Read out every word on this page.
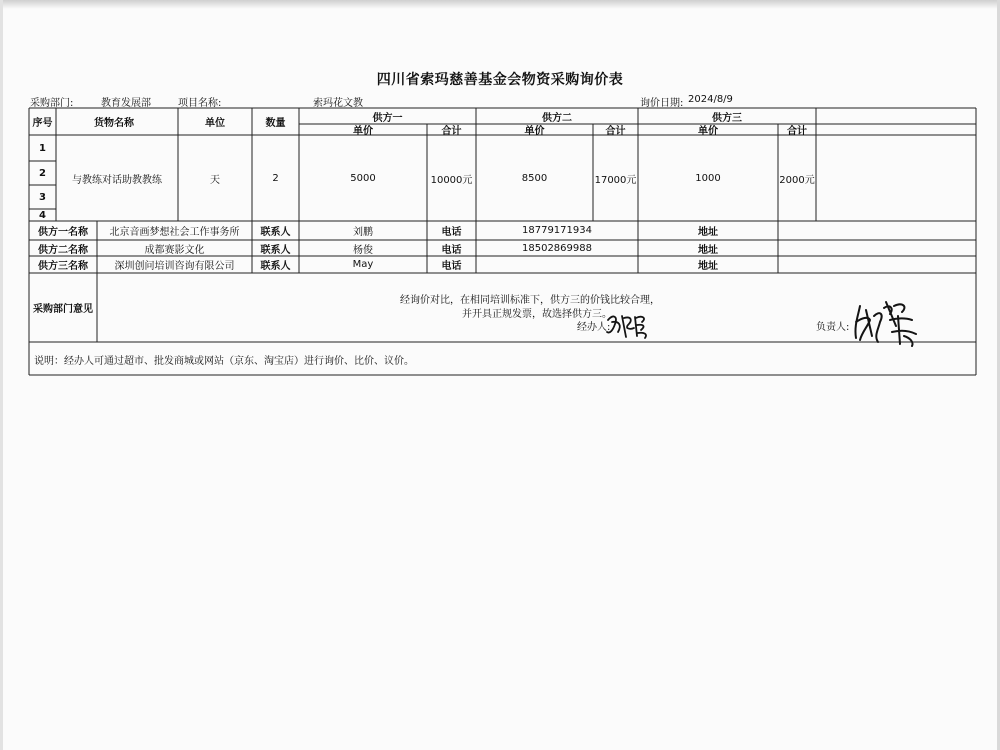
四川省索玛慈善基金会物资采购询价表
采购部门:	教育发展部	项目名称:	索玛花文教	询价日期: 2024/8/9
序号	货物名称	单位	数量	供方一	供方二	供方三
单价	合计	单价	合计	单价	合计
1
2
3
4
与教练对话助教教练	天	2	5000	10000元	8500	17000元	1000	2000元
供方一名称	北京音画梦想社会工作事务所	联系人	刘鹏	电话	18779171934	地址
供方二名称	成都赛影文化	联系人	杨俊	电话	18502869988	地址
供方三名称	深圳创问培训咨询有限公司	联系人	May	电话	地址
采购部门意见
经询价对比，在相同培训标准下，供方三的价钱比较合理，
并开具正规发票，故选择供方三。
经办人:	负责人:
说明：经办人可通过超市、批发商城或网站（京东、淘宝店）进行询价、比价、议价。
